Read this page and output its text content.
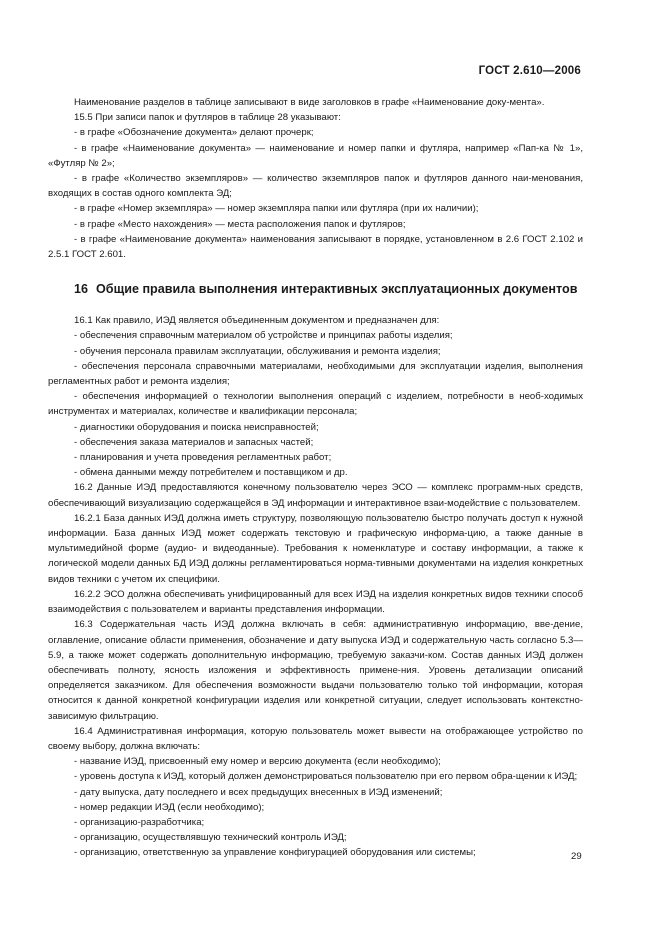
ГОСТ 2.610—2006

Наименование разделов в таблице записывают в виде заголовков в графе «Наименование доку-мента».

15.5 При записи папок и футляров в таблице 28 указывают:

- в графе «Обозначение документа» делают прочерк;

- в графе «Наименование документа» — наименование и номер папки и футляра, например «Пап-ка № 1», «Футляр № 2»;

- в графе «Количество экземпляров» — количество экземпляров папок и футляров данного наи-менования, входящих в состав одного комплекта ЭД;

- в графе «Номер экземпляра» — номер экземпляра папки или футляра (при их наличии);

- в графе «Место нахождения» — места расположения папок и футляров;

- в графе «Наименование документа» наименования записывают в порядке, установленном в 2.6 ГОСТ 2.102 и 2.5.1 ГОСТ 2.601.

16 Общие правила выполнения интерактивных эксплуатационных документов

16.1 Как правило, ИЭД является объединенным документом и предназначен для:

- обеспечения справочным материалом об устройстве и принципах работы изделия;

- обучения персонала правилам эксплуатации, обслуживания и ремонта изделия;

- обеспечения персонала справочными материалами, необходимыми для эксплуатации изделия, выполнения регламентных работ и ремонта изделия;

- обеспечения информацией о технологии выполнения операций с изделием, потребности в необ-ходимых инструментах и материалах, количестве и квалификации персонала;

- диагностики оборудования и поиска неисправностей;

- обеспечения заказа материалов и запасных частей;

- планирования и учета проведения регламентных работ;

- обмена данными между потребителем и поставщиком и др.

16.2 Данные ИЭД предоставляются конечному пользователю через ЭСО — комплекс программ-ных средств, обеспечивающий визуализацию содержащейся в ЭД информации и интерактивное взаи-модействие с пользователем.

16.2.1 База данных ИЭД должна иметь структуру, позволяющую пользователю быстро получать доступ к нужной информации. База данных ИЭД может содержать текстовую и графическую информа-цию, а также данные в мультимедийной форме (аудио- и видеоданные). Требования к номенклатуре и составу информации, а также к логической модели данных БД ИЭД должны регламентироваться норма-тивными документами на изделия конкретных видов техники с учетом их специфики.

16.2.2 ЭСО должна обеспечивать унифицированный для всех ИЭД на изделия конкретных видов техники способ взаимодействия с пользователем и варианты представления информации.

16.3 Содержательная часть ИЭД должна включать в себя: административную информацию, вве-дение, оглавление, описание области применения, обозначение и дату выпуска ИЭД и содержательную часть согласно 5.3—5.9, а также может содержать дополнительную информацию, требуемую заказчи-ком. Состав данных ИЭД должен обеспечивать полноту, ясность изложения и эффективность примене-ния. Уровень детализации описаний определяется заказчиком. Для обеспечения возможности выдачи пользователю только той информации, которая относится к данной конкретной конфигурации изделия или конкретной ситуации, следует использовать контекстно-зависимую фильтрацию.

16.4 Административная информация, которую пользователь может вывести на отображающее устройство по своему выбору, должна включать:

- название ИЭД, присвоенный ему номер и версию документа (если необходимо);

- уровень доступа к ИЭД, который должен демонстрироваться пользователю при его первом обра-щении к ИЭД;

- дату выпуска, дату последнего и всех предыдущих внесенных в ИЭД изменений;

- номер редакции ИЭД (если необходимо);

- организацию-разработчика;

- организацию, осуществлявшую технический контроль ИЭД;

- организацию, ответственную за управление конфигурацией оборудования или системы;	29
